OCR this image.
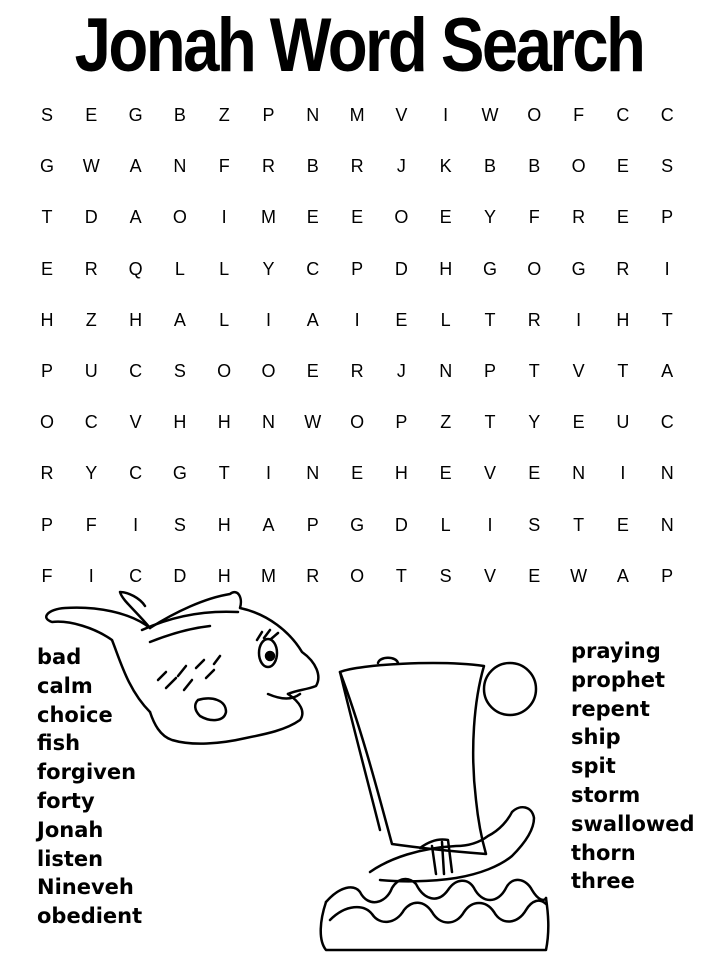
Jonah Word Search
S	E	G	B	Z	P	N	M	V	I	W	O	F	C	C
G	W	A	N	F	R	B	R	J	K	B	B	O	E	S
T	D	A	O	I	M	E	E	O	E	Y	F	R	E	P
E	R	Q	L	L	Y	C	P	D	H	G	O	G	R	I
H	Z	H	A	L	I	A	I	E	L	T	R	I	H	T
P	U	C	S	O	O	E	R	J	N	P	T	V	T	A
O	C	V	H	H	N	W	O	P	Z	T	Y	E	U	C
R	Y	C	G	T	I	N	E	H	E	V	E	N	I	N
P	F	I	S	H	A	P	G	D	L	I	S	T	E	N
F	I	C	D	H	M	R	O	T	S	V	E	W	A	P
bad
calm
choice
fish
forgiven
forty
Jonah
listen
Nineveh
obedient
praying
prophet
repent
ship
spit
storm
swallowed
thorn
three
